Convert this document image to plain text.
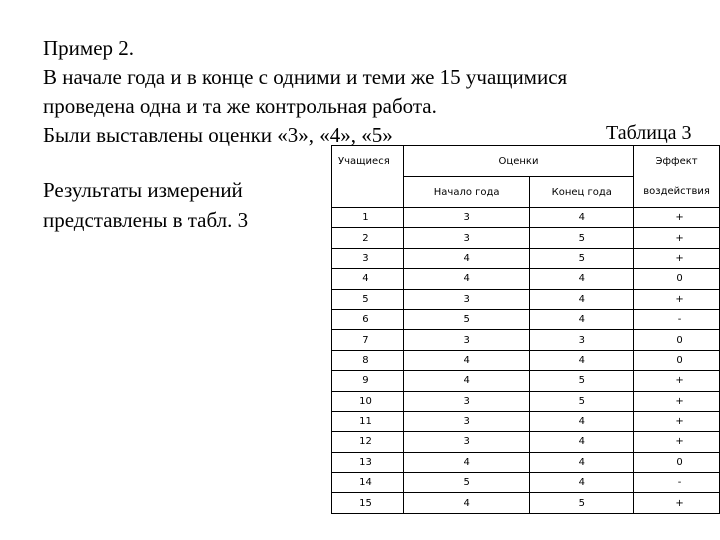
Пример 2.
В начале года и в конце с одними и теми же 15 учащимися
проведена одна и та же контрольная работа.
Были выставлены оценки «3», «4», «5»	Таблица 3
Результаты измерений
представлены в табл. 3
Учащиеся	Оценки		Эффект
	Начало года	Конец года	воздействия
1	3	4	+
2	3	5	+
3	4	5	+
4	4	4	0
5	3	4	+
6	5	4	-
7	3	3	0
8	4	4	0
9	4	5	+
10	3	5	+
11	3	4	+
12	3	4	+
13	4	4	0
14	5	4	-
15	4	5	+
